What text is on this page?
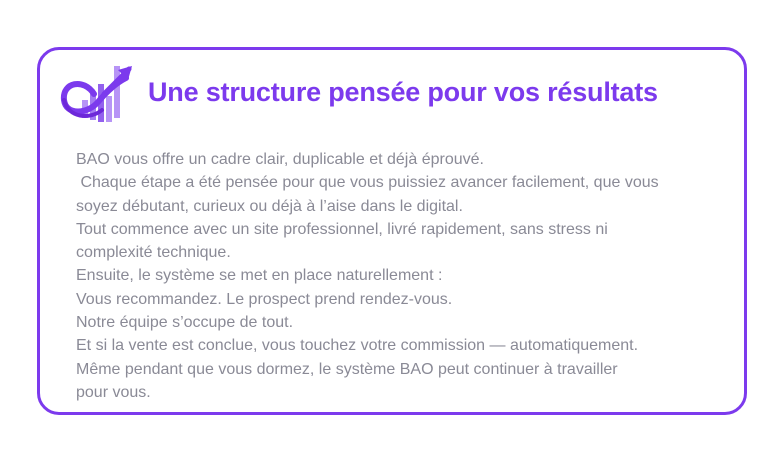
Une structure pensée pour vos résultats
BAO vous offre un cadre clair, duplicable et déjà éprouvé.
Chaque étape a été pensée pour que vous puissiez avancer facilement, que vous
soyez débutant, curieux ou déjà à l’aise dans le digital.
Tout commence avec un site professionnel, livré rapidement, sans stress ni
complexité technique.
Ensuite, le système se met en place naturellement :
Vous recommandez. Le prospect prend rendez-vous.
Notre équipe s’occupe de tout.
Et si la vente est conclue, vous touchez votre commission — automatiquement.
Même pendant que vous dormez, le système BAO peut continuer à travailler
pour vous.
